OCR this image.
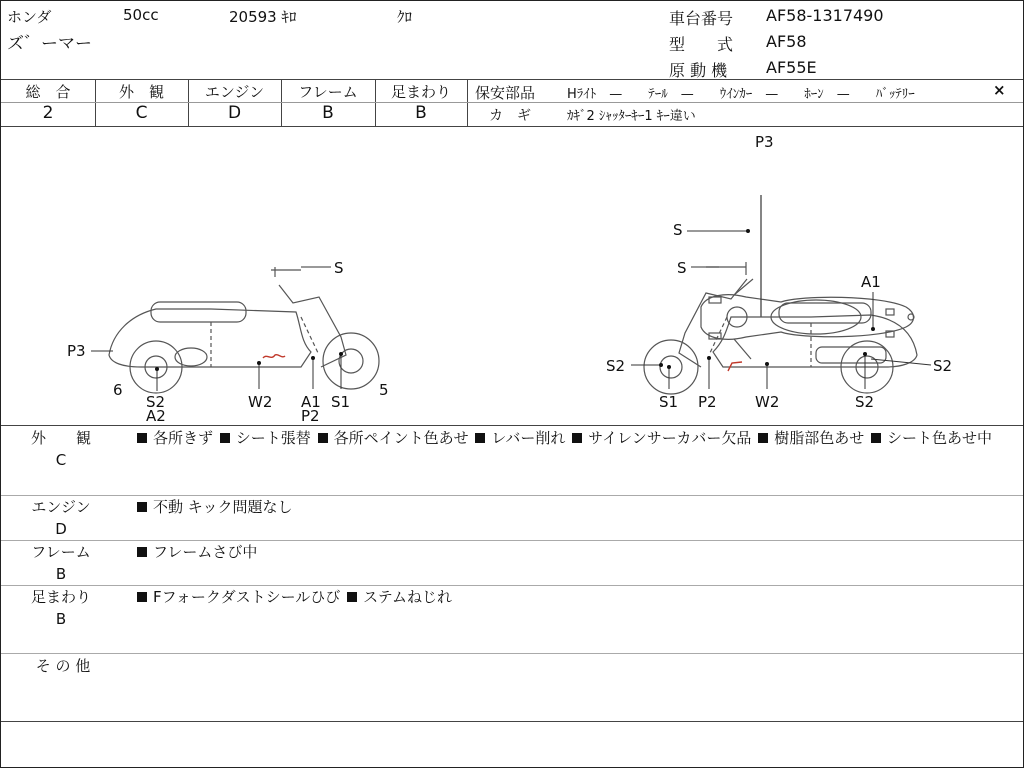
ホンダ	50cc	20593 ｷﾛ	ｸﾛ
ズ゛ーマー
車台番号 AF58-1317490
型　　式 AF58
原 動 機 AF55E
総　合
2
外　観
C
エンジン
D
フレーム
B
足まわり
B
保安部品 Hﾗｲﾄ　—　　ﾃｰﾙ　—　　ｳｲﾝｶｰ　—　　ﾎｰﾝ　—　　ﾊﾞｯﾃﾘｰ	×
カ　ギ	ｶｷﾞ2 ｼｬｯﾀｰｷｰ1 ｷｰ違い
P3
S
S
P3
6
S2
A2
W2 A1
P2
S1
5
S
A1
S2	S2
S1 P2	W2	S2
外　　観
C
各所きず シート張替 各所ペイント色あせ レバー削れ サイレンサーカバー欠品 樹脂部色あせ シート色あせ中
エンジン
D
不動 キック問題なし
フレーム
B
フレームさび中
足まわり
B
Fフォークダストシールひび ステムねじれ
そ の 他
